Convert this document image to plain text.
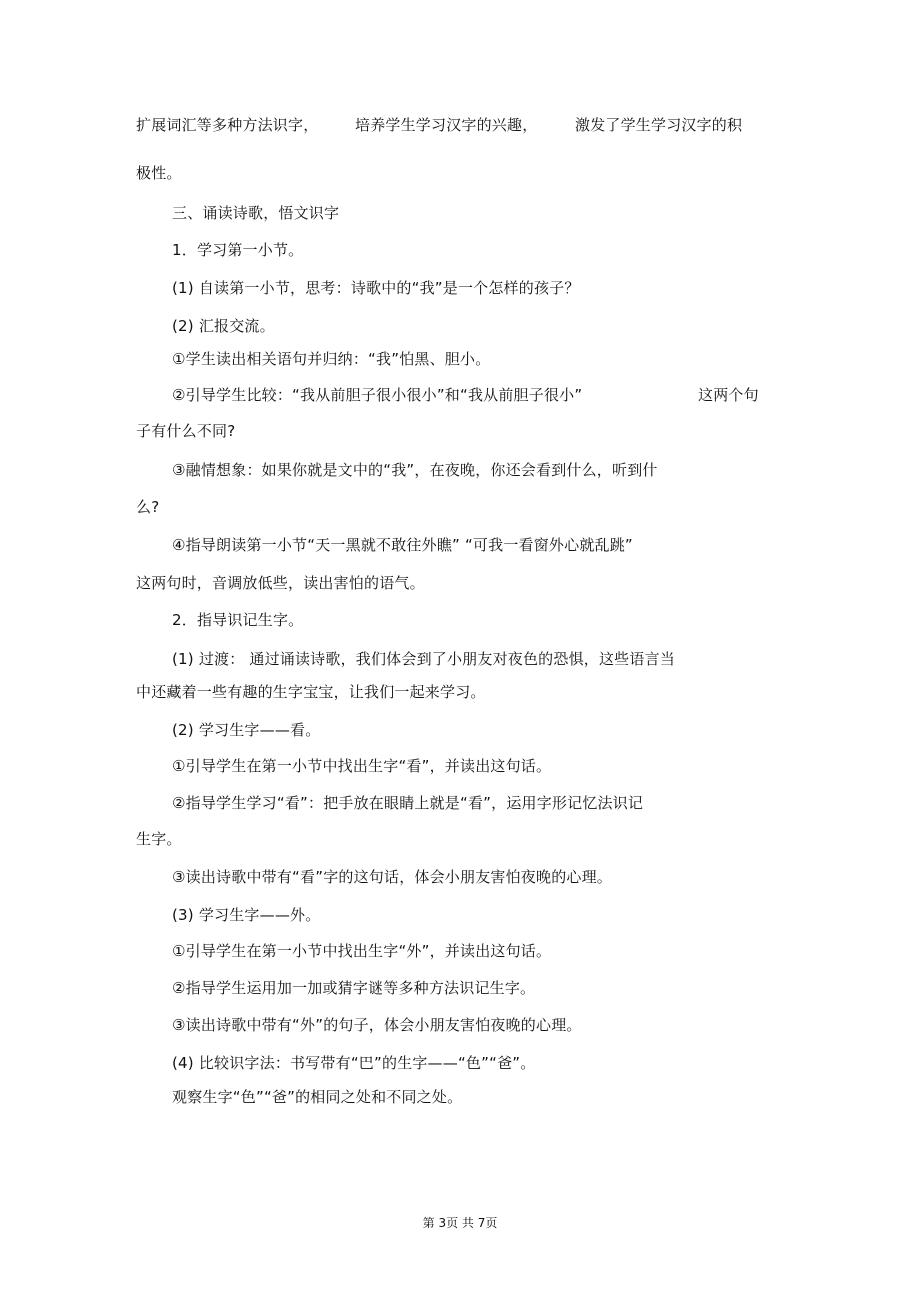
扩展词汇等多种方法识字， 培养学生学习汉字的兴趣，	激发了学生学习汉字的积
极性。
三、诵读诗歌，悟文识字
1．学习第一小节。
(1) 自读第一小节，思考：诗歌中的“我”是一个怎样的孩子？
(2) 汇报交流。
①学生读出相关语句并归纳：“我”怕黑、胆小。
②引导学生比较：“我从前胆子很小很小”和“我从前胆子很小”	这两个句
子有什么不同?
③融情想象：如果你就是文中的“我”，在夜晚，你还会看到什么，听到什
么?
④指导朗读第一小节“天一黑就不敢往外瞧” “可我一看窗外心就乱跳”
这两句时，音调放低些，读出害怕的语气。
2．指导识记生字。
(1) 过渡： 通过诵读诗歌，我们体会到了小朋友对夜色的恐惧，这些语言当
中还藏着一些有趣的生字宝宝，让我们一起来学习。
(2) 学习生字——看。
①引导学生在第一小节中找出生字“看”，并读出这句话。
②指导学生学习“看”：把手放在眼睛上就是“看”，运用字形记忆法识记
生字。
③读出诗歌中带有“看”字的这句话，体会小朋友害怕夜晚的心理。
(3) 学习生字——外。
①引导学生在第一小节中找出生字“外”，并读出这句话。
②指导学生运用加一加或猜字谜等多种方法识记生字。
③读出诗歌中带有“外”的句子，体会小朋友害怕夜晚的心理。
(4) 比较识字法：书写带有“巴”的生字——“色”“爸”。
观察生字“色”“爸”的相同之处和不同之处。
第 3页 共 7页
